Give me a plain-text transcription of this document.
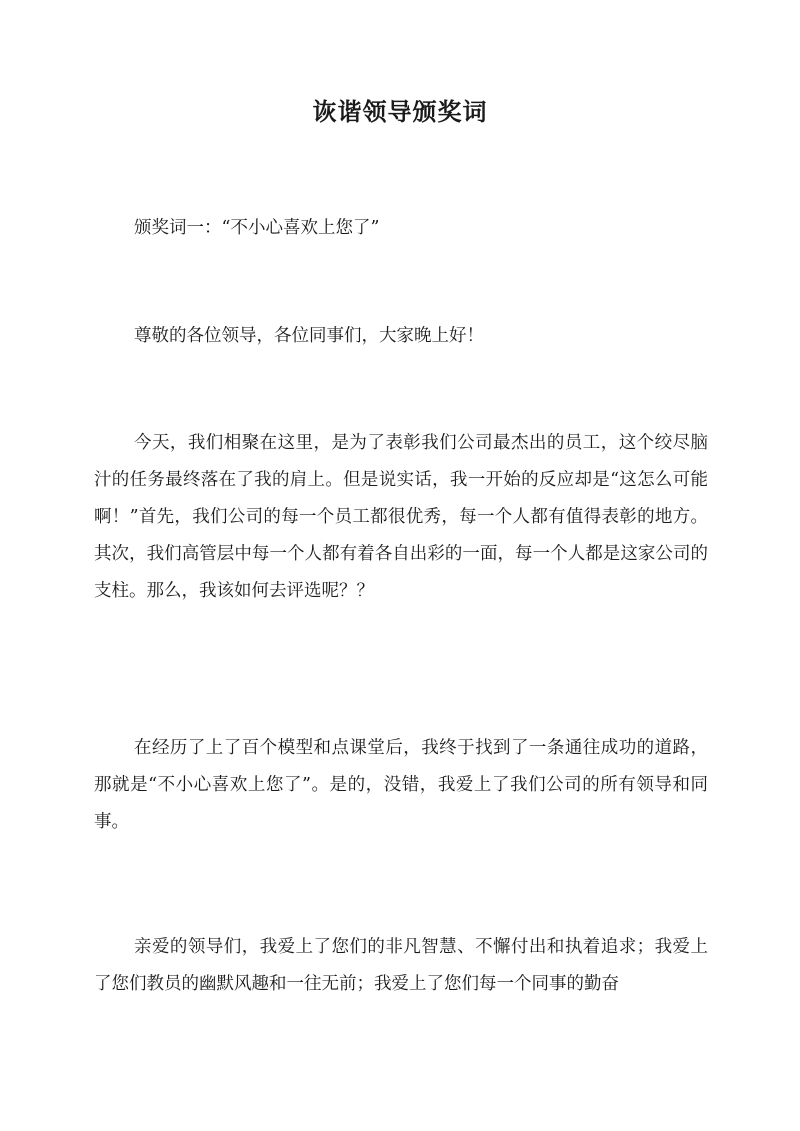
诙谐领导颁奖词

颁奖词一：“不小心喜欢上您了”

尊敬的各位领导，各位同事们，大家晚上好！

今天，我们相聚在这里，是为了表彰我们公司最杰出的员工，这个绞尽脑汁的任务最终落在了我的肩上。但是说实话，我一开始的反应却是“这怎么可能啊！”首先，我们公司的每一个员工都很优秀，每一个人都有值得表彰的地方。其次，我们高管层中每一个人都有着各自出彩的一面，每一个人都是这家公司的支柱。那么，我该如何去评选呢？？

在经历了上了百个模型和点课堂后，我终于找到了一条通往成功的道路，那就是“不小心喜欢上您了”。是的，没错，我爱上了我们公司的所有领导和同事。

亲爱的领导们，我爱上了您们的非凡智慧、不懈付出和执着追求；我爱上了您们教员的幽默风趣和一往无前；我爱上了您们每一个同事的勤奋
